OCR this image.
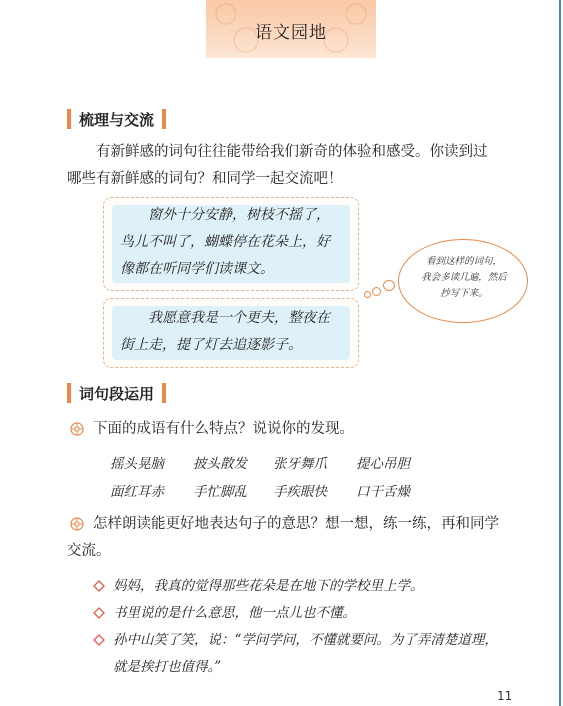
语文园地
梳理与交流
有新鲜感的词句往往能带给我们新奇的体验和感受。你读到过
哪些有新鲜感的词句？和同学一起交流吧！
窗外十分安静，树枝不摇了，
鸟儿不叫了，蝴蝶停在花朵上，好
像都在听同学们读课文。
我愿意我是一个更夫，整夜在
街上走，提了灯去追逐影子。
看到这样的词句，
我会多读几遍，然后
抄写下来。
词句段运用
下面的成语有什么特点？说说你的发现。
摇头晃脑 披头散发 张牙舞爪 提心吊胆
面红耳赤 手忙脚乱 手疾眼快 口干舌燥
怎样朗读能更好地表达句子的意思？想一想，练一练，再和同学
交流。
妈妈，我真的觉得那些花朵是在地下的学校里上学。
书里说的是什么意思，他一点儿也不懂。
孙中山笑了笑，说：“学问学问，不懂就要问。为了弄清楚道理，
就是挨打也值得。”
11
